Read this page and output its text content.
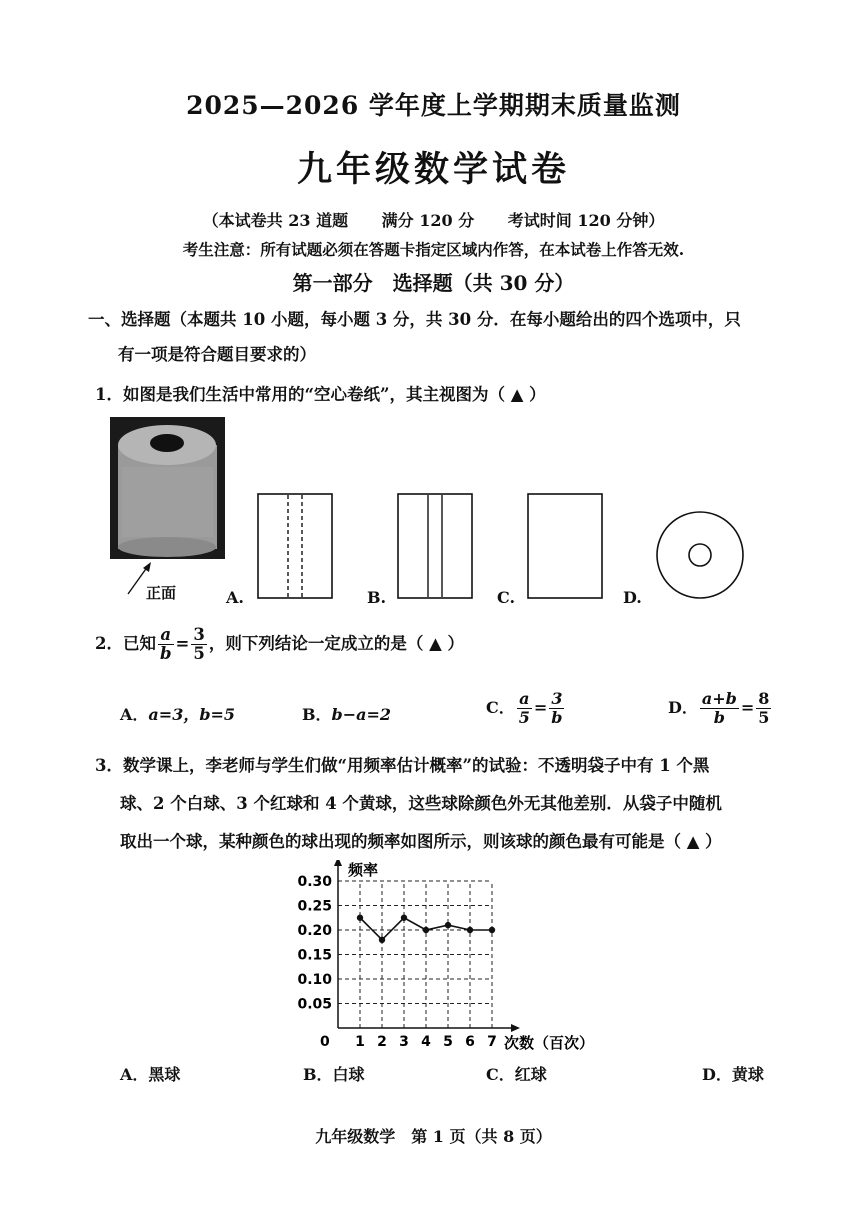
2025—2026 学年度上学期期末质量监测
九年级数学试卷
（本试卷共 23 道题 满分 120 分 考试时间 120 分钟）
考生注意：所有试题必须在答题卡指定区域内作答，在本试卷上作答无效.
第一部分　选择题（共 30 分）
一、选择题（本题共 10 小题，每小题 3 分，共 30 分．在每小题给出的四个选项中，只
有一项是符合题目要求的）
1．如图是我们生活中常用的“空心卷纸”，其主视图为（ ▲ ）
正面	A.	B.	C.	D.
2．已知 $\frac{a}{b} = \frac{3}{5}$ ，则下列结论一定成立的是（ ▲ ）
A．a=3，b=5	B．b−a=2	C． $\frac{a}{5} = \frac{3}{b}$	D． $\frac{a+b}{b} = \frac{8}{5}$
3．数学课上，李老师与学生们做“用频率估计概率”的试验：不透明袋子中有 1 个黑
球、2 个白球、3 个红球和 4 个黄球，这些球除颜色外无其他差别．从袋子中随机
取出一个球，某种颜色的球出现的频率如图所示，则该球的颜色最有可能是（ ▲ ）
0.05
0.10
0.15
0.20
0.25
0.30
1 2 3 4 5 6 7
频率
次数（百次）
0
A．黑球	B．白球	C．红球	D．黄球
九年级数学　第 1 页（共 8 页）
